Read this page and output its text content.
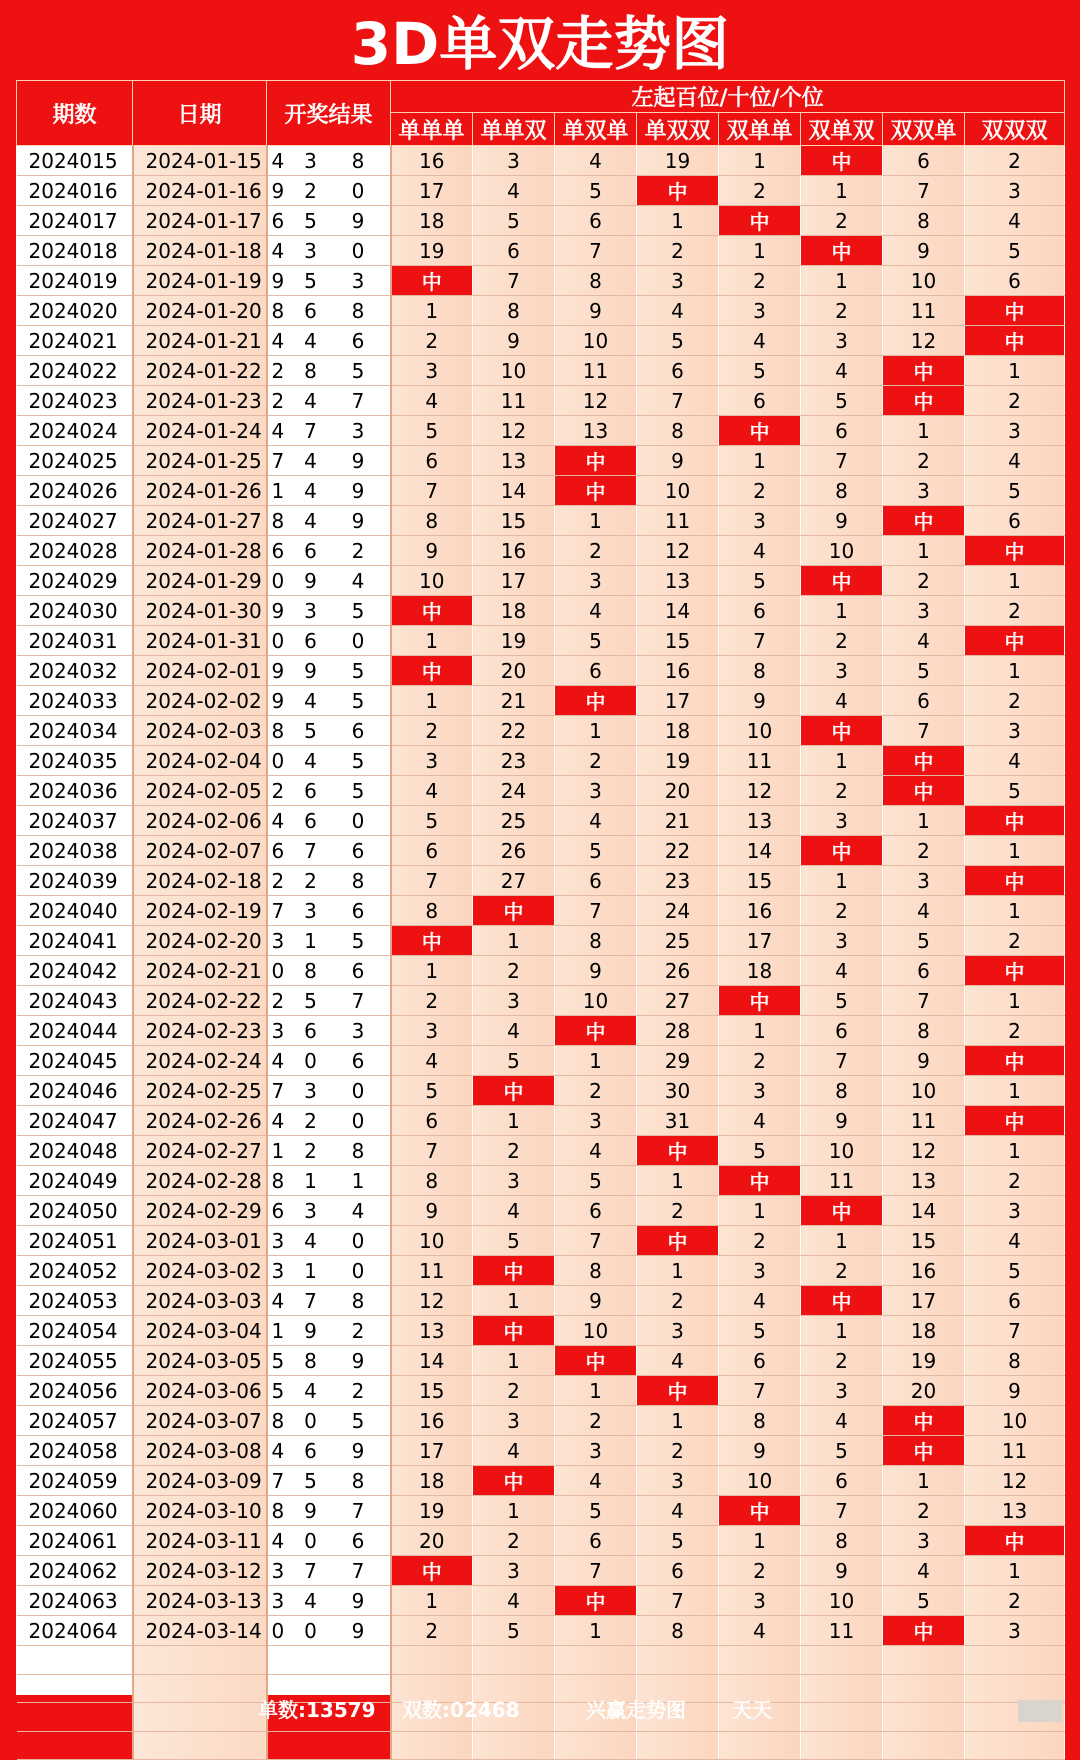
3D单双走势图
期数	日期	开奖结果			左起百位/十位/个位							
					单单单	单单双	单双单	单双双	双单单	双单双	双双单	双双双
2024015	2024-01-15	4	3	8	16	3	4	19	1	中	6	2
2024016	2024-01-16	9	2	0	17	4	5	中	2	1	7	3
2024017	2024-01-17	6	5	9	18	5	6	1	中	2	8	4
2024018	2024-01-18	4	3	0	19	6	7	2	1	中	9	5
2024019	2024-01-19	9	5	3	中	7	8	3	2	1	10	6
2024020	2024-01-20	8	6	8	1	8	9	4	3	2	11	中
2024021	2024-01-21	4	4	6	2	9	10	5	4	3	12	中
2024022	2024-01-22	2	8	5	3	10	11	6	5	4	中	1
2024023	2024-01-23	2	4	7	4	11	12	7	6	5	中	2
2024024	2024-01-24	4	7	3	5	12	13	8	中	6	1	3
2024025	2024-01-25	7	4	9	6	13	中	9	1	7	2	4
2024026	2024-01-26	1	4	9	7	14	中	10	2	8	3	5
2024027	2024-01-27	8	4	9	8	15	1	11	3	9	中	6
2024028	2024-01-28	6	6	2	9	16	2	12	4	10	1	中
2024029	2024-01-29	0	9	4	10	17	3	13	5	中	2	1
2024030	2024-01-30	9	3	5	中	18	4	14	6	1	3	2
2024031	2024-01-31	0	6	0	1	19	5	15	7	2	4	中
2024032	2024-02-01	9	9	5	中	20	6	16	8	3	5	1
2024033	2024-02-02	9	4	5	1	21	中	17	9	4	6	2
2024034	2024-02-03	8	5	6	2	22	1	18	10	中	7	3
2024035	2024-02-04	0	4	5	3	23	2	19	11	1	中	4
2024036	2024-02-05	2	6	5	4	24	3	20	12	2	中	5
2024037	2024-02-06	4	6	0	5	25	4	21	13	3	1	中
2024038	2024-02-07	6	7	6	6	26	5	22	14	中	2	1
2024039	2024-02-18	2	2	8	7	27	6	23	15	1	3	中
2024040	2024-02-19	7	3	6	8	中	7	24	16	2	4	1
2024041	2024-02-20	3	1	5	中	1	8	25	17	3	5	2
2024042	2024-02-21	0	8	6	1	2	9	26	18	4	6	中
2024043	2024-02-22	2	5	7	2	3	10	27	中	5	7	1
2024044	2024-02-23	3	6	3	3	4	中	28	1	6	8	2
2024045	2024-02-24	4	0	6	4	5	1	29	2	7	9	中
2024046	2024-02-25	7	3	0	5	中	2	30	3	8	10	1
2024047	2024-02-26	4	2	0	6	1	3	31	4	9	11	中
2024048	2024-02-27	1	2	8	7	2	4	中	5	10	12	1
2024049	2024-02-28	8	1	1	8	3	5	1	中	11	13	2
2024050	2024-02-29	6	3	4	9	4	6	2	1	中	14	3
2024051	2024-03-01	3	4	0	10	5	7	中	2	1	15	4
2024052	2024-03-02	3	1	0	11	中	8	1	3	2	16	5
2024053	2024-03-03	4	7	8	12	1	9	2	4	中	17	6
2024054	2024-03-04	1	9	2	13	中	10	3	5	1	18	7
2024055	2024-03-05	5	8	9	14	1	中	4	6	2	19	8
2024056	2024-03-06	5	4	2	15	2	1	中	7	3	20	9
2024057	2024-03-07	8	0	5	16	3	2	1	8	4	中	10
2024058	2024-03-08	4	6	9	17	4	3	2	9	5	中	11
2024059	2024-03-09	7	5	8	18	中	4	3	10	6	1	12
2024060	2024-03-10	8	9	7	19	1	5	4	中	7	2	13
2024061	2024-03-11	4	0	6	20	2	6	5	1	8	3	中
2024062	2024-03-12	3	7	7	中	3	7	6	2	9	4	1
2024063	2024-03-13	3	4	9	1	4	中	7	3	10	5	2
2024064	2024-03-14	0	0	9	2	5	1	8	4	11	中	3

单数:13579 双数:02468	兴赢走势图 天天
